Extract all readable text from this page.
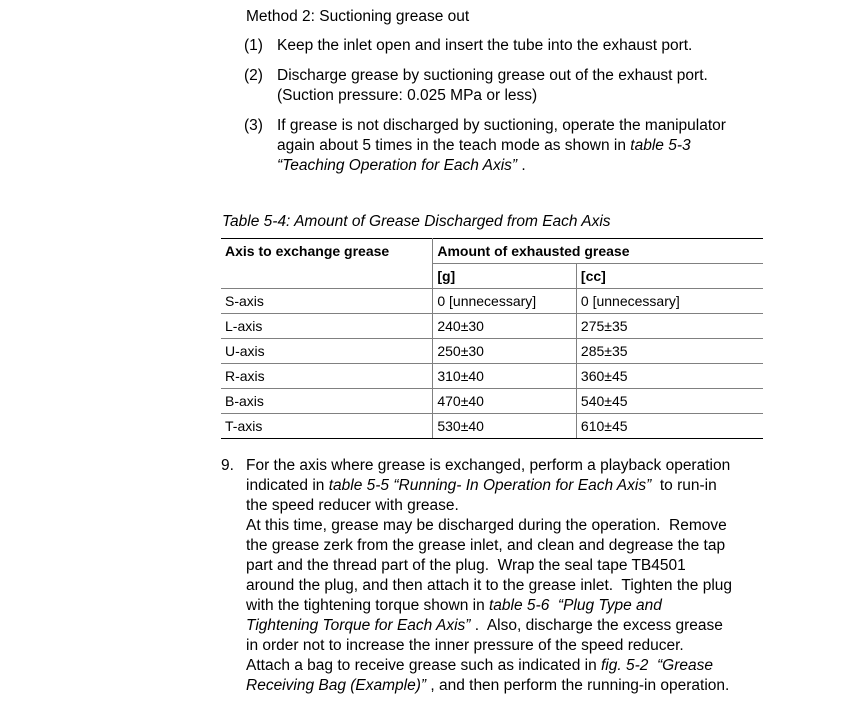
Method 2: Suctioning grease out
(1) Keep the inlet open and insert the tube into the exhaust port.
(2) Discharge grease by suctioning grease out of the exhaust port.
(Suction pressure: 0.025 MPa or less)
(3) If grease is not discharged by suctioning, operate the manipulator
again about 5 times in the teach mode as shown in table 5-3
“Teaching Operation for Each Axis” .
Table 5-4: Amount of Grease Discharged from Each Axis
Axis to exchange grease	Amount of exhausted grease	
	[g]	[cc]
S-axis	0 [unnecessary]	0 [unnecessary]
L-axis	240±30	275±35
U-axis	250±30	285±35
R-axis	310±40	360±45
B-axis	470±40	540±45
T-axis	530±40	610±45
9. For the axis where grease is exchanged, perform a playback operation
indicated in table 5-5 “Running- In Operation for Each Axis”  to run-in
the speed reducer with grease.
At this time, grease may be discharged during the operation.  Remove
the grease zerk from the grease inlet, and clean and degrease the tap
part and the thread part of the plug.  Wrap the seal tape TB4501
around the plug, and then attach it to the grease inlet.  Tighten the plug
with the tightening torque shown in table 5-6  “Plug Type and
Tightening Torque for Each Axis” .  Also, discharge the excess grease
in order not to increase the inner pressure of the speed reducer.
Attach a bag to receive grease such as indicated in fig. 5-2  “Grease
Receiving Bag (Example)” , and then perform the running-in operation.
